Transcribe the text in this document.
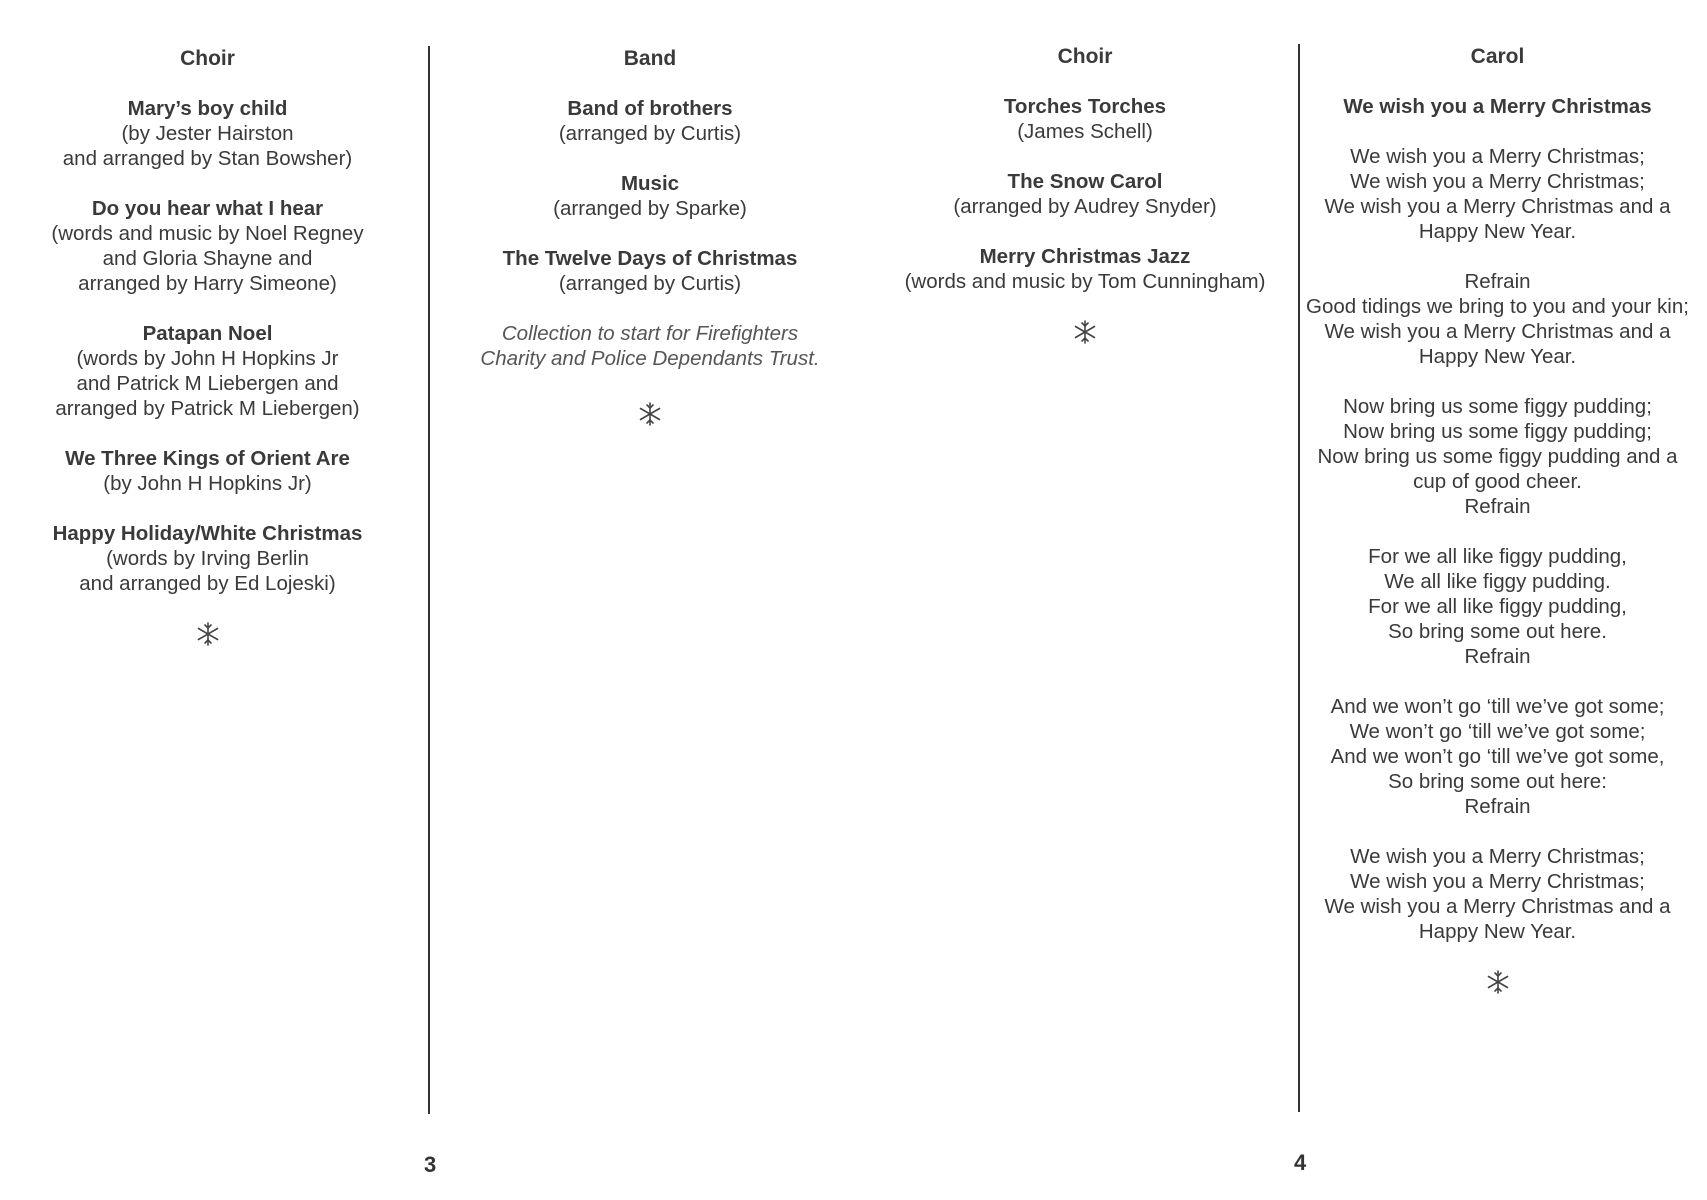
Choir
Mary’s boy child
(by Jester Hairston
and arranged by Stan Bowsher)
Do you hear what I hear
(words and music by Noel Regney
and Gloria Shayne and
arranged by Harry Simeone)
Patapan Noel
(words by John H Hopkins Jr
and Patrick M Liebergen and
arranged by Patrick M Liebergen)
We Three Kings of Orient Are
(by John H Hopkins Jr)
Happy Holiday/White Christmas
(words by Irving Berlin
and arranged by Ed Lojeski)
3
Band
Band of brothers
(arranged by Curtis)
Music
(arranged by Sparke)
The Twelve Days of Christmas
(arranged by Curtis)
Collection to start for Firefighters
Charity and Police Dependants Trust.
Choir
Torches Torches
(James Schell)
The Snow Carol
(arranged by Audrey Snyder)
Merry Christmas Jazz
(words and music by Tom Cunningham)
4
Carol
We wish you a Merry Christmas
We wish you a Merry Christmas;
We wish you a Merry Christmas;
We wish you a Merry Christmas and a
Happy New Year.
Refrain
Good tidings we bring to you and your kin;
We wish you a Merry Christmas and a
Happy New Year.
Now bring us some figgy pudding;
Now bring us some figgy pudding;
Now bring us some figgy pudding and a
cup of good cheer.
Refrain
For we all like figgy pudding,
We all like figgy pudding.
For we all like figgy pudding,
So bring some out here.
Refrain
And we won’t go ‘till we’ve got some;
We won’t go ‘till we’ve got some;
And we won’t go ‘till we’ve got some,
So bring some out here:
Refrain
We wish you a Merry Christmas;
We wish you a Merry Christmas;
We wish you a Merry Christmas and a
Happy New Year.
